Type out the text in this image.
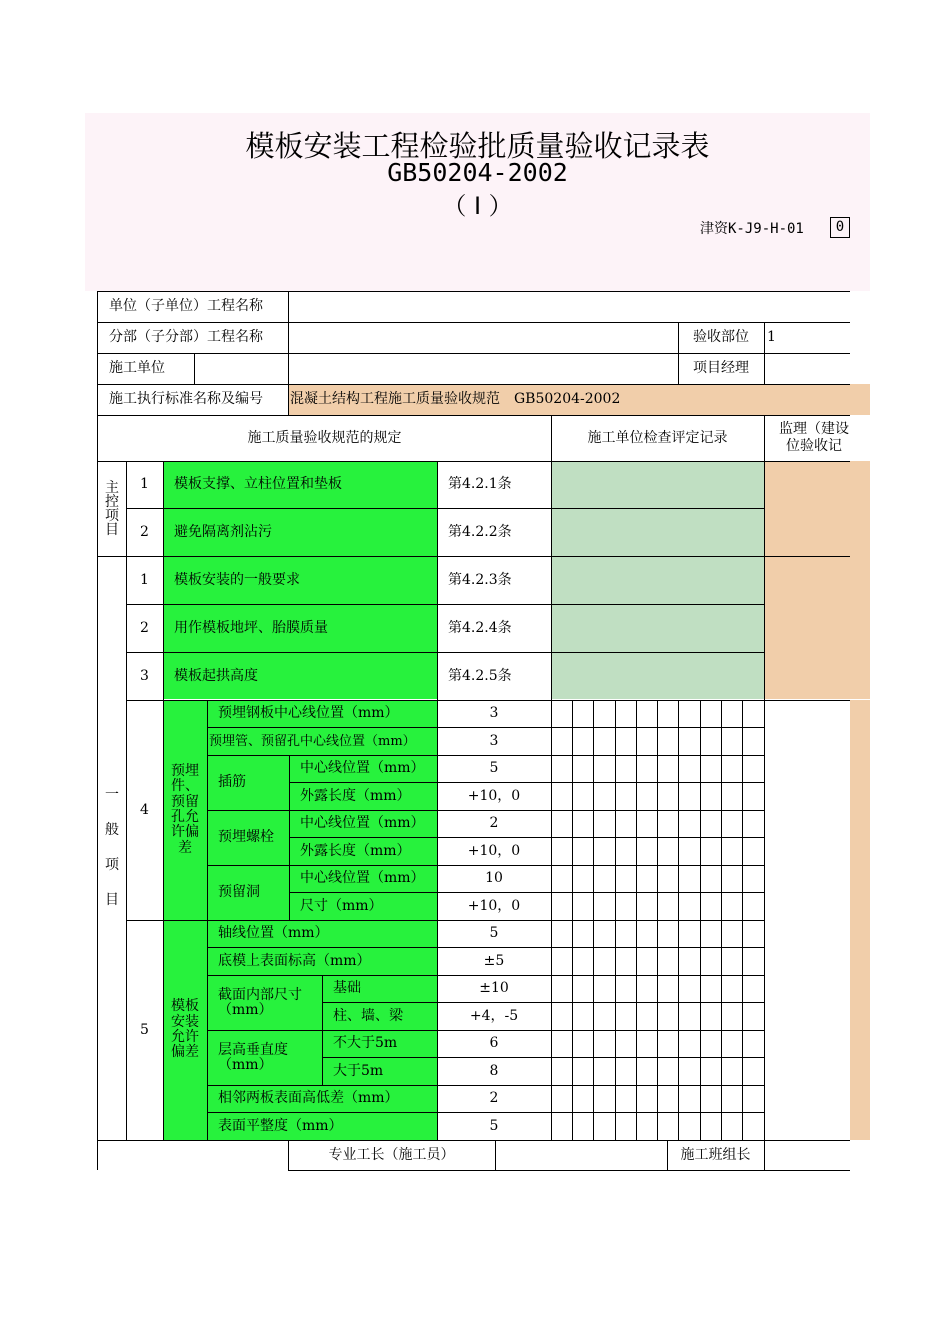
模板安装工程检验批质量验收记录表
GB50204-2002
（ Ⅰ ）
津资K-J9-H-01	0
单位（子单位）工程名称
分部（子分部）工程名称	验收部位	1
施工单位	项目经理
施工执行标准名称及编号	混凝土结构工程施工质量验收规范　GB50204-2002
施工质量验收规范的规定	施工单位检查评定记录
监理（建设
位验收记
主
控
项
目
1	模板支撑、立柱位置和垫板	第4.2.1条
2	避免隔离剂沾污	第4.2.2条
一

般

项

目
1	模板安装的一般要求	第4.2.3条
2	用作模板地坪、胎膜质量	第4.2.4条
3	模板起拱高度	第4.2.5条
4
预埋
件、
预留
孔允
许偏
差
预埋钢板中心线位置（mm）	3
预埋管、预留孔中心线位置（mm）	3
插筋
中心线位置（mm）	5
外露长度（mm）	+10，0
预埋螺栓
中心线位置（mm）	2
外露长度（mm）	+10，0
预留洞
中心线位置（mm）	10
尺寸（mm）	+10，0
5
模板
安装
允许
偏差
轴线位置（mm）	5
底模上表面标高（mm）	±5
截面内部尺寸（mm）
基础	±10
柱、墙、梁	+4，-5
层高垂直度（mm）
不大于5m	6
大于5m	8
相邻两板表面高低差（mm）	2
表面平整度（mm）	5
专业工长（施工员）	施工班组长
